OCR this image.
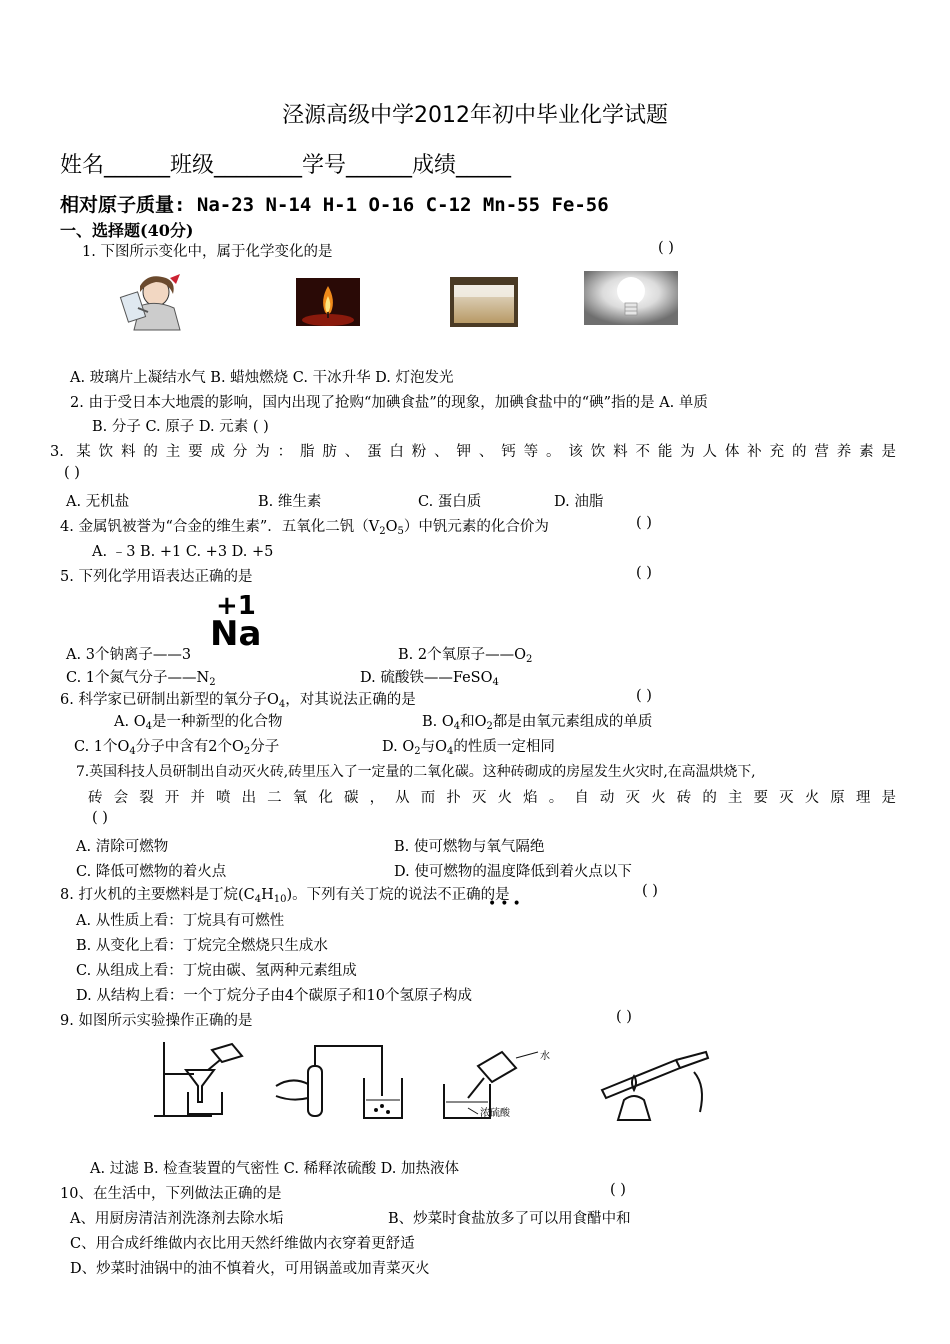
泾源高级中学2012年初中毕业化学试题
姓名______班级________学号______成绩_____
相对原子质量: Na-23 N-14 H-1 O-16 C-12 Mn-55 Fe-56
一、选择题(40分)
1. 下图所示变化中，属于化学变化的是	( )
A. 玻璃片上凝结水气 B. 蜡烛燃烧 C. 干冰升华 D. 灯泡发光
2. 由于受日本大地震的影响，国内出现了抢购“加碘食盐”的现象，加碘食盐中的“碘”指的是 A. 单质
B. 分子 C. 原子 D. 元素 ( )
3. 某饮料的主要成分为：脂肪、蛋白粉、钾、钙等。该饮料不能为人体补充的营养素是
( )
A. 无机盐	B. 维生素	C. 蛋白质	D. 油脂
4. 金属钒被誉为“合金的维生素”．五氧化二钒$(V_2O_5)$中钒元素的化合价为	( )
A. ﹣3 B. +1 C. +3 D. +5
5. 下列化学用语表达正确的是	( )
+1
Na
A. 3个钠离子——3	B. 2个氧原子$——O_2$
C. 1个氮气分子$——N_2$	D. 硫酸铁——FeSO$_4$
6. 科学家已研制出新型的氧分子$O_4$，对其说法正确的是	( )
A. $O_4$是一种新型的化合物	B. $O_4$和$O_2$都是由氧元素组成的单质
C. 1个$O_4$分子中含有2个$O_2$分子	D. $O_2$与$O_4$的性质一定相同
7.英国科技人员研制出自动灭火砖,砖里压入了一定量的二氧化碳。这种砖砌成的房屋发生火灾时,在高温烘烧下,
砖会裂开并喷出二氧化碳，从而扑灭火焰。自动灭火砖的主要灭火原理是
( )
A. 清除可燃物	B. 使可燃物与氧气隔绝
C. 降低可燃物的着火点	D. 使可燃物的温度降低到着火点以下
8. 打火机的主要燃料是丁烷$(C_4H_{10})$。下列有关丁烷的说法不正确的是
•••
( )
A. 从性质上看：丁烷具有可燃性
B. 从变化上看：丁烷完全燃烧只生成水
C. 从组成上看：丁烷由碳、氢两种元素组成
D. 从结构上看：一个丁烷分子由4个碳原子和10个氢原子构成
9. 如图所示实验操作正确的是	( )
水
浓硫酸
A. 过滤 B. 检查装置的气密性 C. 稀释浓硫酸 D. 加热液体
10、在生活中，下列做法正确的是	( )
A、用厨房清洁剂洗涤剂去除水垢	B、炒菜时食盐放多了可以用食醋中和
C、用合成纤维做内衣比用天然纤维做内衣穿着更舒适
D、炒菜时油锅中的油不慎着火，可用锅盖或加青菜灭火
